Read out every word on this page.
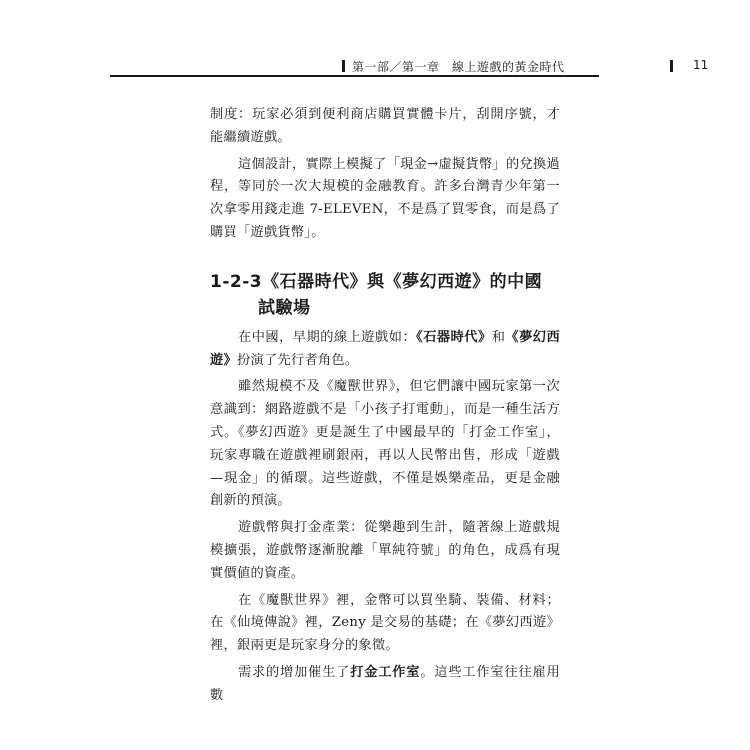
第一部／第一章　線上遊戲的黃金時代	11

制度：玩家必須到便利商店購買實體卡片，刮開序號，才能繼續遊戲。

這個設計，實際上模擬了「現金→虛擬貨幣」的兌換過程，等同於一次大規模的金融教育。許多台灣青少年第一次拿零用錢走進 7-ELEVEN，不是爲了買零食，而是爲了購買「遊戲貨幣」。

1-2-3《石器時代》與《夢幻西遊》的中國
試驗場

在中國，早期的線上遊戲如：《石器時代》和《夢幻西遊》扮演了先行者角色。

雖然規模不及《魔獸世界》，但它們讓中國玩家第一次意識到：網路遊戲不是「小孩子打電動」，而是一種生活方式。《夢幻西遊》更是誕生了中國最早的「打金工作室」，玩家專職在遊戲裡刷銀兩，再以人民幣出售，形成「遊戲—現金」的循環。這些遊戲，不僅是娛樂產品，更是金融創新的預演。

遊戲幣與打金產業：從樂趣到生計，隨著線上遊戲規模擴張，遊戲幣逐漸脫離「單純符號」的角色，成爲有現實價値的資產。

在《魔獸世界》裡，金幣可以買坐騎、裝備、材料；在《仙境傳說》裡，Zeny 是交易的基礎；在《夢幻西遊》裡，銀兩更是玩家身分的象徵。

需求的增加催生了打金工作室。這些工作室往往雇用數
